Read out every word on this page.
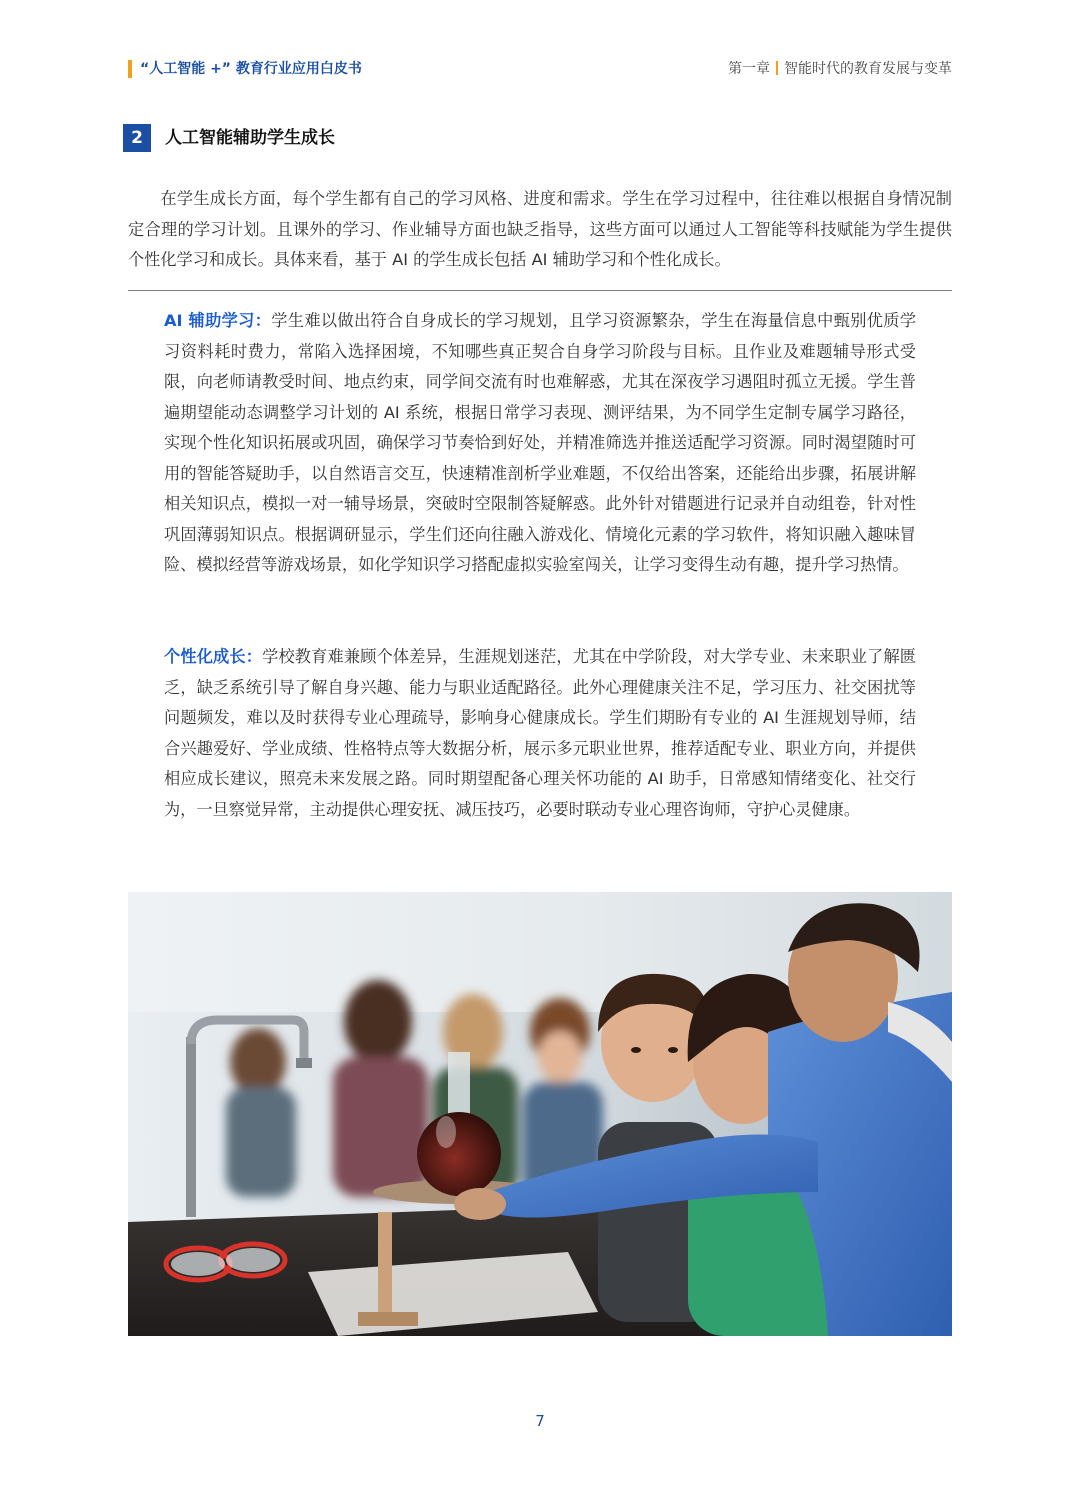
“人工智能 +” 教育行业应用白皮书	第一章 智能时代的教育发展与变革
2	人工智能辅助学生成长

在学生成长方面，每个学生都有自己的学习风格、进度和需求。学生在学习过程中，往往难以根据自身情况制定合理的学习计划。且课外的学习、作业辅导方面也缺乏指导，这些方面可以通过人工智能等科技赋能为学生提供个性化学习和成长。具体来看，基于 AI 的学生成长包括 AI 辅助学习和个性化成长。

AI 辅助学习：学生难以做出符合自身成长的学习规划，且学习资源繁杂，学生在海量信息中甄别优质学习资料耗时费力，常陷入选择困境，不知哪些真正契合自身学习阶段与目标。且作业及难题辅导形式受限，向老师请教受时间、地点约束，同学间交流有时也难解惑，尤其在深夜学习遇阻时孤立无援。学生普遍期望能动态调整学习计划的 AI 系统，根据日常学习表现、测评结果，为不同学生定制专属学习路径，实现个性化知识拓展或巩固，确保学习节奏恰到好处，并精准筛选并推送适配学习资源。同时渴望随时可用的智能答疑助手，以自然语言交互，快速精准剖析学业难题，不仅给出答案，还能给出步骤，拓展讲解相关知识点，模拟一对一辅导场景，突破时空限制答疑解惑。此外针对错题进行记录并自动组卷，针对性巩固薄弱知识点。根据调研显示，学生们还向往融入游戏化、情境化元素的学习软件，将知识融入趣味冒险、模拟经营等游戏场景，如化学知识学习搭配虚拟实验室闯关，让学习变得生动有趣，提升学习热情。

个性化成长：学校教育难兼顾个体差异，生涯规划迷茫，尤其在中学阶段，对大学专业、未来职业了解匮乏，缺乏系统引导了解自身兴趣、能力与职业适配路径。此外心理健康关注不足，学习压力、社交困扰等问题频发，难以及时获得专业心理疏导，影响身心健康成长。学生们期盼有专业的 AI 生涯规划导师，结合兴趣爱好、学业成绩、性格特点等大数据分析，展示多元职业世界，推荐适配专业、职业方向，并提供相应成长建议，照亮未来发展之路。同时期望配备心理关怀功能的 AI 助手，日常感知情绪变化、社交行为，一旦察觉异常，主动提供心理安抚、减压技巧，必要时联动专业心理咨询师，守护心灵健康。

7
